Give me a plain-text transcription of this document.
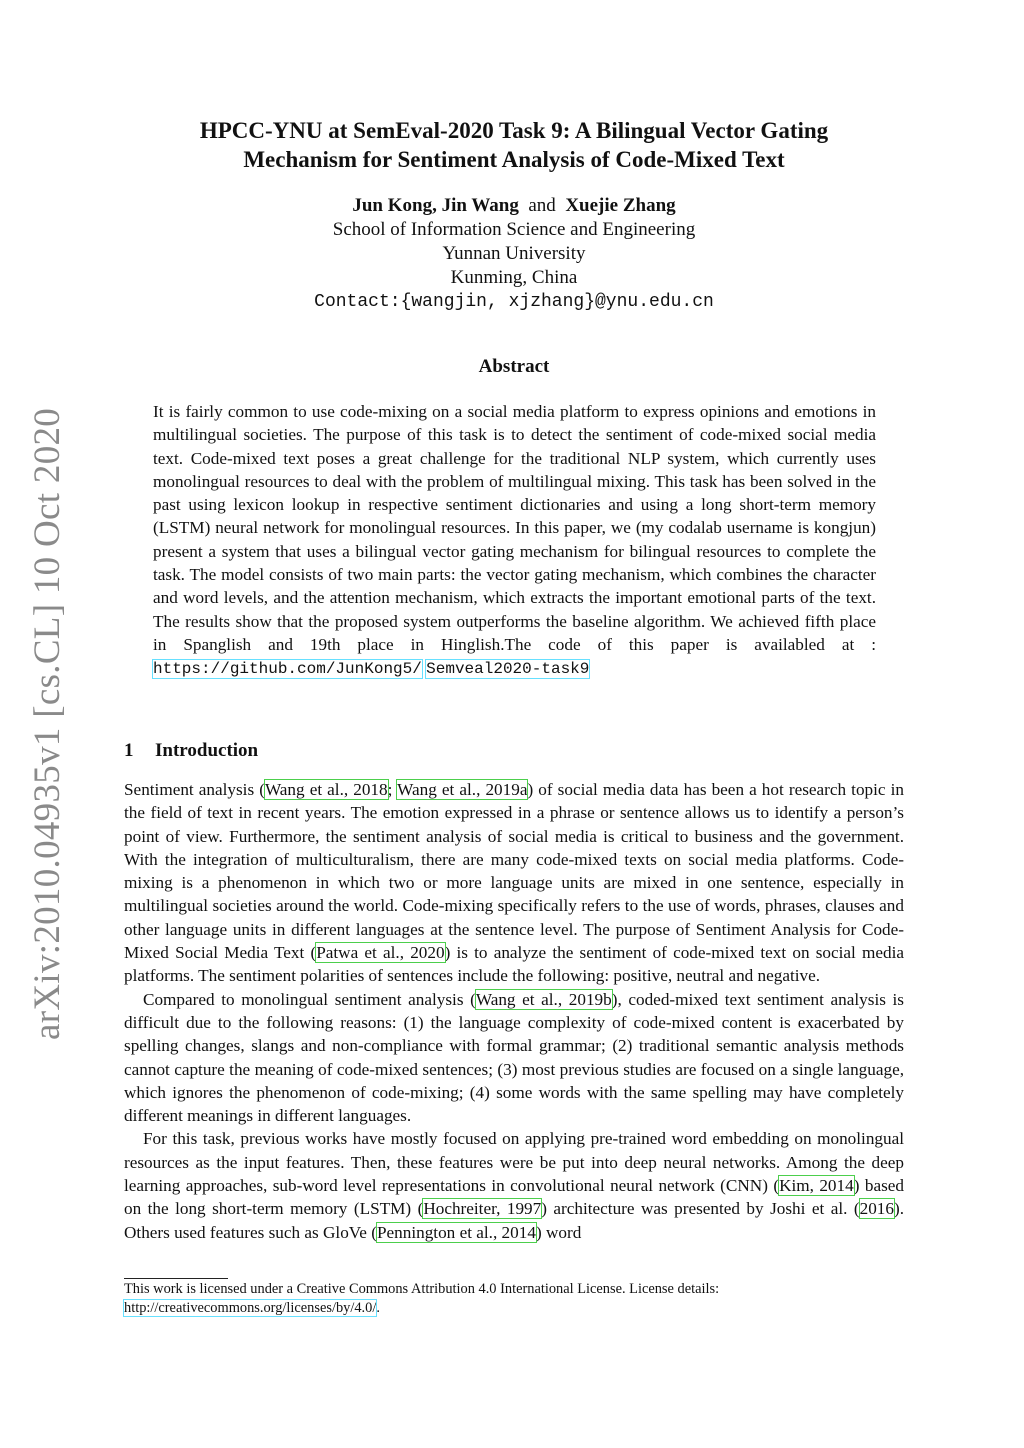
arXiv:2010.04935v1 [cs.CL] 10 Oct 2020
HPCC-YNU at SemEval-2020 Task 9: A Bilingual Vector Gating
Mechanism for Sentiment Analysis of Code-Mixed Text
Jun Kong, Jin Wang and Xuejie Zhang
School of Information Science and Engineering
Yunnan University
Kunming, China
Contact:{wangjin, xjzhang}@ynu.edu.cn
Abstract
It is fairly common to use code-mixing on a social media platform to express opinions and emotions in multilingual societies. The purpose of this task is to detect the sentiment of code-mixed social media text. Code-mixed text poses a great challenge for the traditional NLP system, which currently uses monolingual resources to deal with the problem of multilingual mixing. This task has been solved in the past using lexicon lookup in respective sentiment dictionaries and using a long short-term memory (LSTM) neural network for monolingual resources. In this paper, we (my codalab username is kongjun) present a system that uses a bilingual vector gating mechanism for bilingual resources to complete the task. The model consists of two main parts: the vector gating mechanism, which combines the character and word levels, and the attention mechanism, which extracts the important emotional parts of the text. The results show that the proposed system outperforms the baseline algorithm. We achieved fifth place in Spanglish and 19th place in Hinglish.The code of this paper is availabled at : https://github.com/JunKong5/ Semveal2020-task9
1 Introduction

Sentiment analysis (Wang et al., 2018; Wang et al., 2019a) of social media data has been a hot research topic in the field of text in recent years. The emotion expressed in a phrase or sentence allows us to identify a person’s point of view. Furthermore, the sentiment analysis of social media is critical to business and the government. With the integration of multiculturalism, there are many code-mixed texts on social media platforms. Code-mixing is a phenomenon in which two or more language units are mixed in one sentence, especially in multilingual societies around the world. Code-mixing specifically refers to the use of words, phrases, clauses and other language units in different languages at the sentence level. The purpose of Sentiment Analysis for Code-Mixed Social Media Text (Patwa et al., 2020) is to analyze the sentiment of code-mixed text on social media platforms. The sentiment polarities of sentences include the following: positive, neutral and negative.

Compared to monolingual sentiment analysis (Wang et al., 2019b), coded-mixed text sentiment analysis is difficult due to the following reasons: (1) the language complexity of code-mixed content is exacerbated by spelling changes, slangs and non-compliance with formal grammar; (2) traditional semantic analysis methods cannot capture the meaning of code-mixed sentences; (3) most previous studies are focused on a single language, which ignores the phenomenon of code-mixing; (4) some words with the same spelling may have completely different meanings in different languages.

For this task, previous works have mostly focused on applying pre-trained word embedding on monolingual resources as the input features. Then, these features were be put into deep neural networks. Among the deep learning approaches, sub-word level representations in convolutional neural network (CNN) (Kim, 2014) based on the long short-term memory (LSTM) (Hochreiter, 1997) architecture was presented by Joshi et al. (2016). Others used features such as GloVe (Pennington et al., 2014) word

This work is licensed under a Creative Commons Attribution 4.0 International License. License details:
http://creativecommons.org/licenses/by/4.0/.
